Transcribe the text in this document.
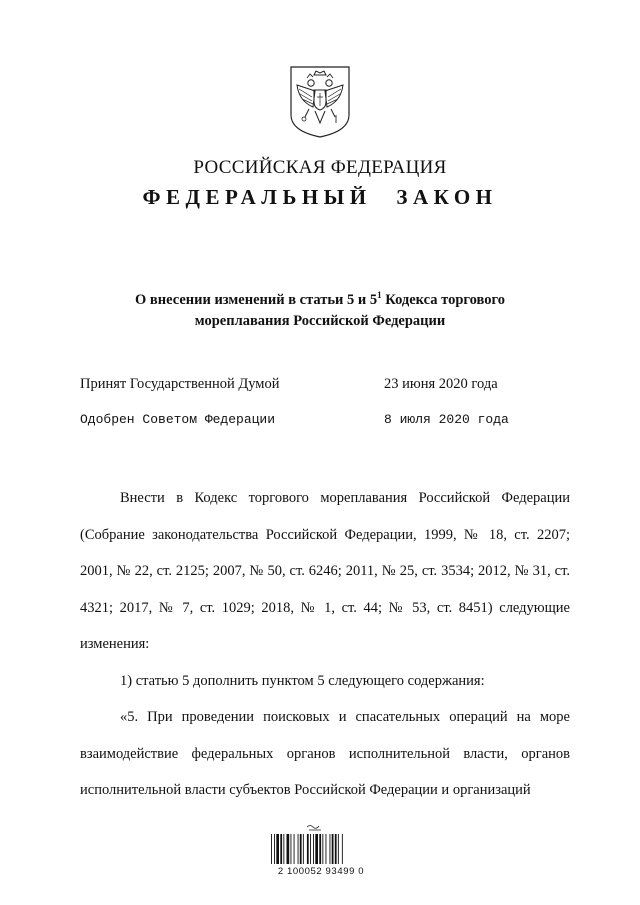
РОССИЙСКАЯ ФЕДЕРАЦИЯ
ФЕДЕРАЛЬНЫЙ ЗАКОН
О внесении изменений в статьи 5 и $5^1$ Кодекса торгового
мореплавания Российской Федерации
Принят Государственной Думой	23 июня 2020 года
Одобрен Советом Федерации	8 июля 2020 года

Внести в Кодекс торгового мореплавания Российской Федерации (Собрание законодательства Российской Федерации, 1999, № 18, ст. 2207; 2001, № 22, ст. 2125; 2007, № 50, ст. 6246; 2011, № 25, ст. 3534; 2012, № 31, ст. 4321; 2017, № 7, ст. 1029; 2018, № 1, ст. 44; № 53, ст. 8451) следующие изменения:

1) статью 5 дополнить пунктом 5 следующего содержания:

«5. При проведении поисковых и спасательных операций на море взаимодействие федеральных органов исполнительной власти, органов исполнительной власти субъектов Российской Федерации и организаций

2 100052 93499 0
